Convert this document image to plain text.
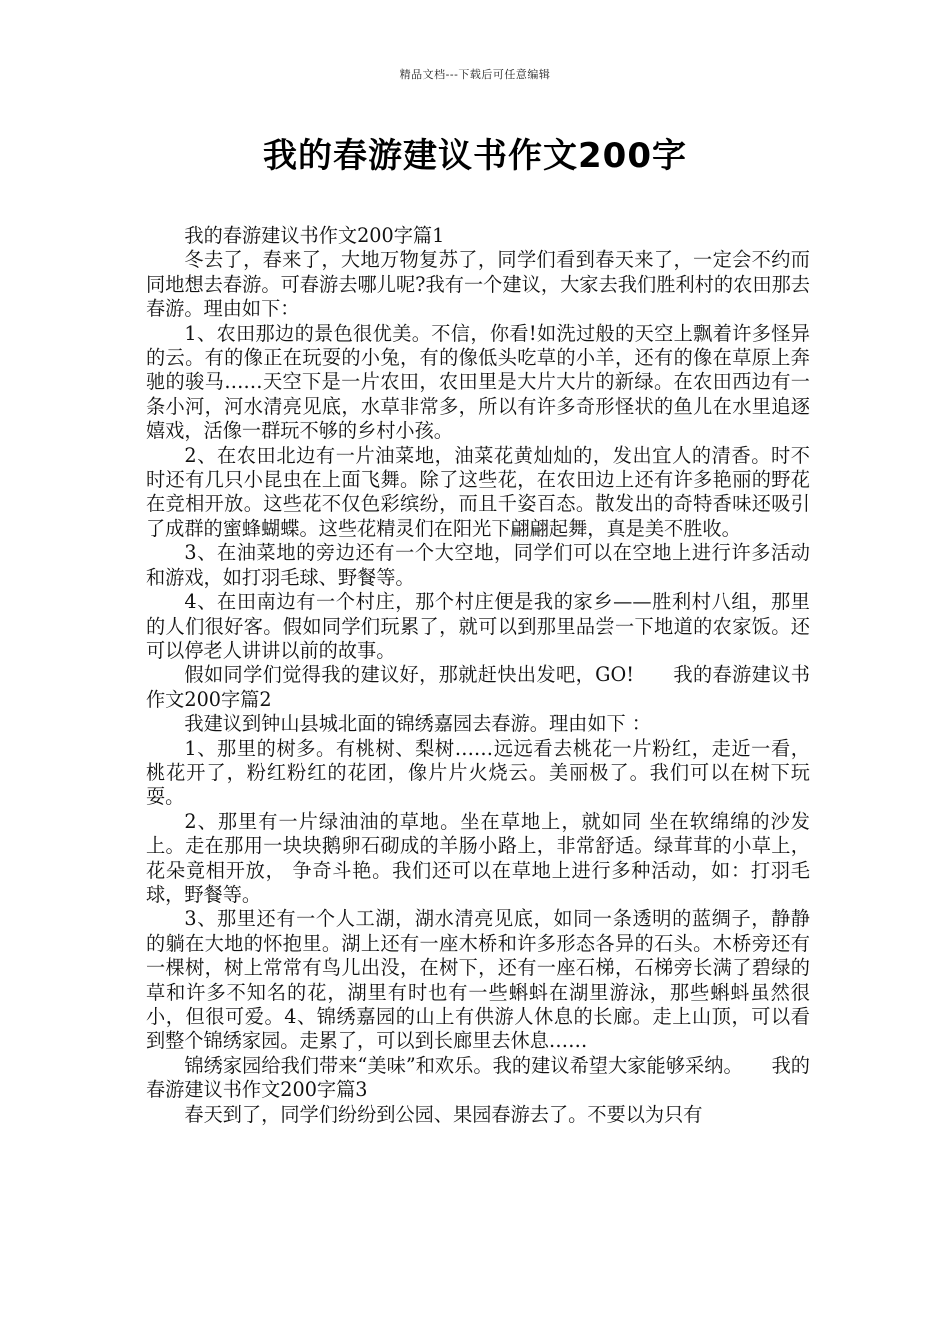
精品文档---下载后可任意编辑
我的春游建议书作文200字

我的春游建议书作文200字篇1

冬去了，春来了，大地万物复苏了，同学们看到春天来了，一定会不约而同地想去春游。可春游去哪儿呢?我有一个建议，大家去我们胜利村的农田那去春游。理由如下：

1、农田那边的景色很优美。不信，你看!如洗过般的天空上飘着许多怪异的云。有的像正在玩耍的小兔，有的像低头吃草的小羊，还有的像在草原上奔驰的骏马……天空下是一片农田，农田里是大片大片的新绿。在农田西边有一条小河，河水清亮见底，水草非常多，所以有许多奇形怪状的鱼儿在水里追逐嬉戏，活像一群玩不够的乡村小孩。

2、在农田北边有一片油菜地，油菜花黄灿灿的，发出宜人的清香。时不时还有几只小昆虫在上面飞舞。除了这些花，在农田边上还有许多艳丽的野花在竞相开放。这些花不仅色彩缤纷，而且千姿百态。散发出的奇特香味还吸引了成群的蜜蜂蝴蝶。这些花精灵们在阳光下翩翩起舞，真是美不胜收。

3、在油菜地的旁边还有一个大空地，同学们可以在空地上进行许多活动和游戏，如打羽毛球、野餐等。

4、在田南边有一个村庄，那个村庄便是我的家乡——胜利村八组，那里的人们很好客。假如同学们玩累了，就可以到那里品尝一下地道的农家饭。还可以停老人讲讲以前的故事。

假如同学们觉得我的建议好，那就赶快出发吧，GO!　　我的春游建议书作文200字篇2

我建议到钟山县城北面的锦绣嘉园去春游。理由如下 ：

1、那里的树多。有桃树、梨树……远远看去桃花一片粉红，走近一看，桃花开了，粉红粉红的花团，像片片火烧云。美丽极了。我们可以在树下玩耍。

2、那里有一片绿油油的草地。坐在草地上，就如同 坐在软绵绵的沙发上。走在那用一块块鹅卵石砌成的羊肠小路上，非常舒适。绿茸茸的小草上，花朵竟相开放， 争奇斗艳。我们还可以在草地上进行多种活动，如：打羽毛球，野餐等。

3、那里还有一个人工湖，湖水清亮见底，如同一条透明的蓝绸子，静静的躺在大地的怀抱里。湖上还有一座木桥和许多形态各异的石头。木桥旁还有一棵树，树上常常有鸟儿出没，在树下，还有一座石梯，石梯旁长满了碧绿的草和许多不知名的花，湖里有时也有一些蝌蚪在湖里游泳，那些蝌蚪虽然很小，但很可爱。4、锦绣嘉园的山上有供游人休息的长廊。走上山顶，可以看到整个锦绣家园。走累了，可以到长廊里去休息……

锦绣家园给我们带来“美味”和欢乐。我的建议希望大家能够采纳。　　我的春游建议书作文200字篇3

春天到了，同学们纷纷到公园、果园春游去了。不要以为只有
